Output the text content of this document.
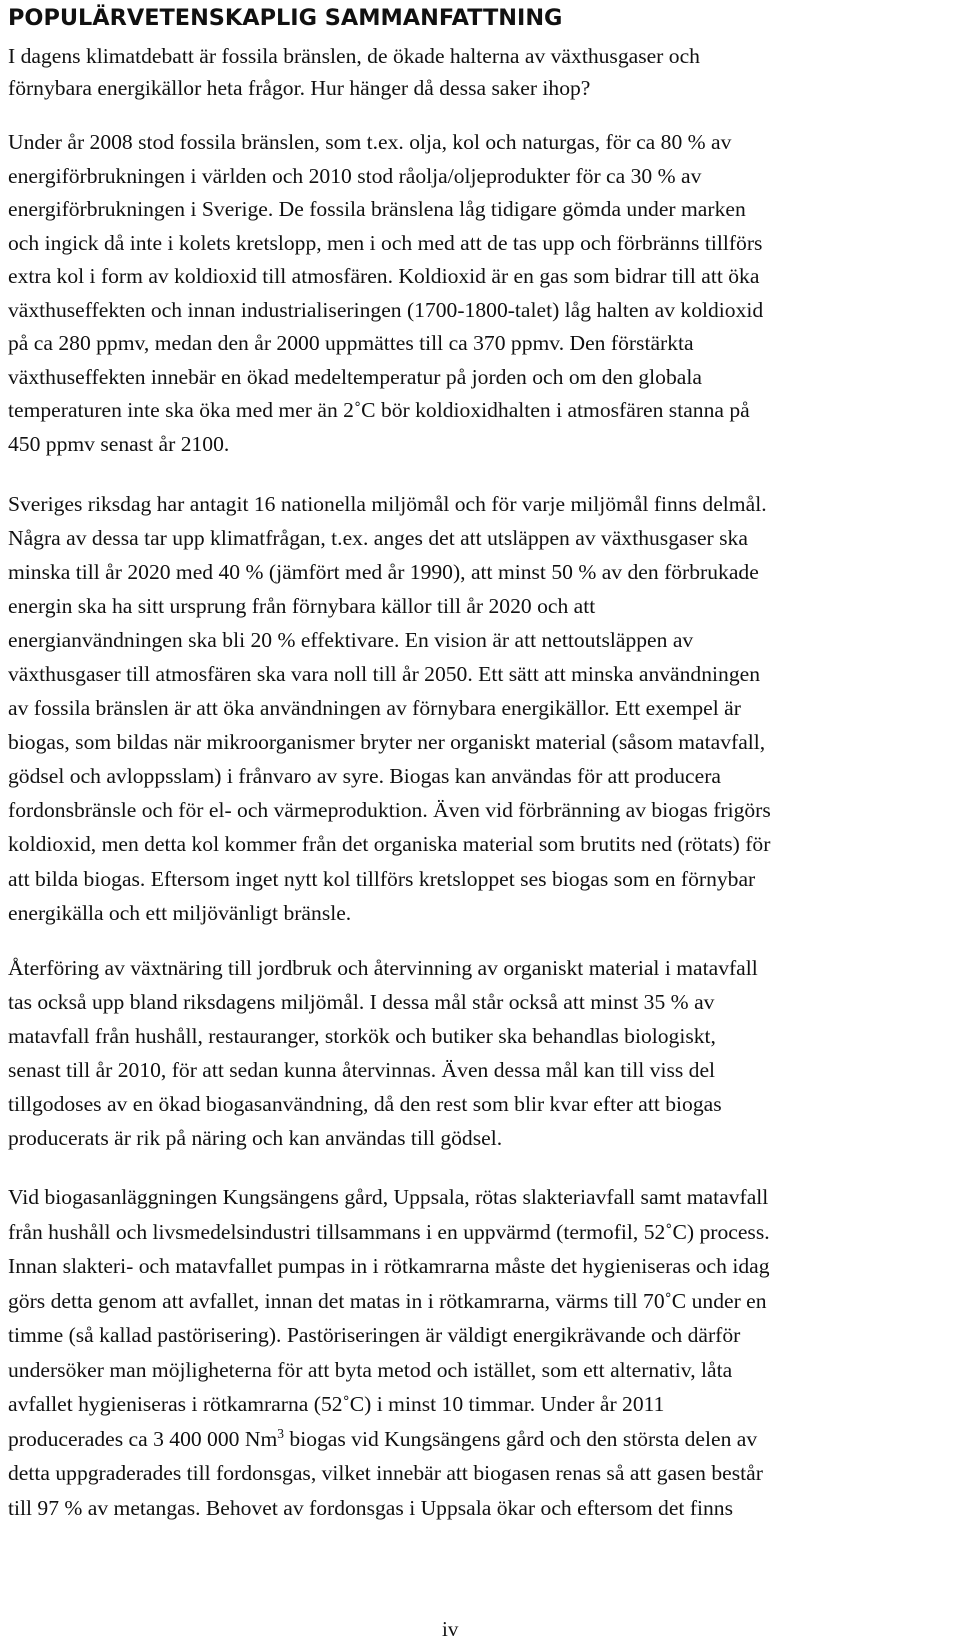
POPULÄRVETENSKAPLIG SAMMANFATTNING

I dagens klimatdebatt är fossila bränslen, de ökade halterna av växthusgaser och
förnybara energikällor heta frågor. Hur hänger då dessa saker ihop?

Under år 2008 stod fossila bränslen, som t.ex. olja, kol och naturgas, för ca 80 % av
energiförbrukningen i världen och 2010 stod råolja/oljeprodukter för ca 30 % av
energiförbrukningen i Sverige. De fossila bränslena låg tidigare gömda under marken
och ingick då inte i kolets kretslopp, men i och med att de tas upp och förbränns tillförs
extra kol i form av koldioxid till atmosfären. Koldioxid är en gas som bidrar till att öka
växthuseffekten och innan industrialiseringen (1700-1800-talet) låg halten av koldioxid
på ca 280 ppmv, medan den år 2000 uppmättes till ca 370 ppmv. Den förstärkta
växthuseffekten innebär en ökad medeltemperatur på jorden och om den globala
temperaturen inte ska öka med mer än 2˚C bör koldioxidhalten i atmosfären stanna på
450 ppmv senast år 2100.

Sveriges riksdag har antagit 16 nationella miljömål och för varje miljömål finns delmål.
Några av dessa tar upp klimatfrågan, t.ex. anges det att utsläppen av växthusgaser ska
minska till år 2020 med 40 % (jämfört med år 1990), att minst 50 % av den förbrukade
energin ska ha sitt ursprung från förnybara källor till år 2020 och att
energianvändningen ska bli 20 % effektivare. En vision är att nettoutsläppen av
växthusgaser till atmosfären ska vara noll till år 2050. Ett sätt att minska användningen
av fossila bränslen är att öka användningen av förnybara energikällor. Ett exempel är
biogas, som bildas när mikroorganismer bryter ner organiskt material (såsom matavfall,
gödsel och avloppsslam) i frånvaro av syre. Biogas kan användas för att producera
fordonsbränsle och för el- och värmeproduktion. Även vid förbränning av biogas frigörs
koldioxid, men detta kol kommer från det organiska material som brutits ned (rötats) för
att bilda biogas. Eftersom inget nytt kol tillförs kretsloppet ses biogas som en förnybar
energikälla och ett miljövänligt bränsle.

Återföring av växtnäring till jordbruk och återvinning av organiskt material i matavfall
tas också upp bland riksdagens miljömål. I dessa mål står också att minst 35 % av
matavfall från hushåll, restauranger, storkök och butiker ska behandlas biologiskt,
senast till år 2010, för att sedan kunna återvinnas. Även dessa mål kan till viss del
tillgodoses av en ökad biogasanvändning, då den rest som blir kvar efter att biogas
producerats är rik på näring och kan användas till gödsel.

Vid biogasanläggningen Kungsängens gård, Uppsala, rötas slakteriavfall samt matavfall
från hushåll och livsmedelsindustri tillsammans i en uppvärmd (termofil, 52˚C) process.
Innan slakteri- och matavfallet pumpas in i rötkamrarna måste det hygieniseras och idag
görs detta genom att avfallet, innan det matas in i rötkamrarna, värms till 70˚C under en
timme (så kallad pastörisering). Pastöriseringen är väldigt energikrävande och därför
undersöker man möjligheterna för att byta metod och istället, som ett alternativ, låta
avfallet hygieniseras i rötkamrarna (52˚C) i minst 10 timmar. Under år 2011
producerades ca 3 400 000 Nm3 biogas vid Kungsängens gård och den största delen av
detta uppgraderades till fordonsgas, vilket innebär att biogasen renas så att gasen består
till 97 % av metangas. Behovet av fordonsgas i Uppsala ökar och eftersom det finns

iv
